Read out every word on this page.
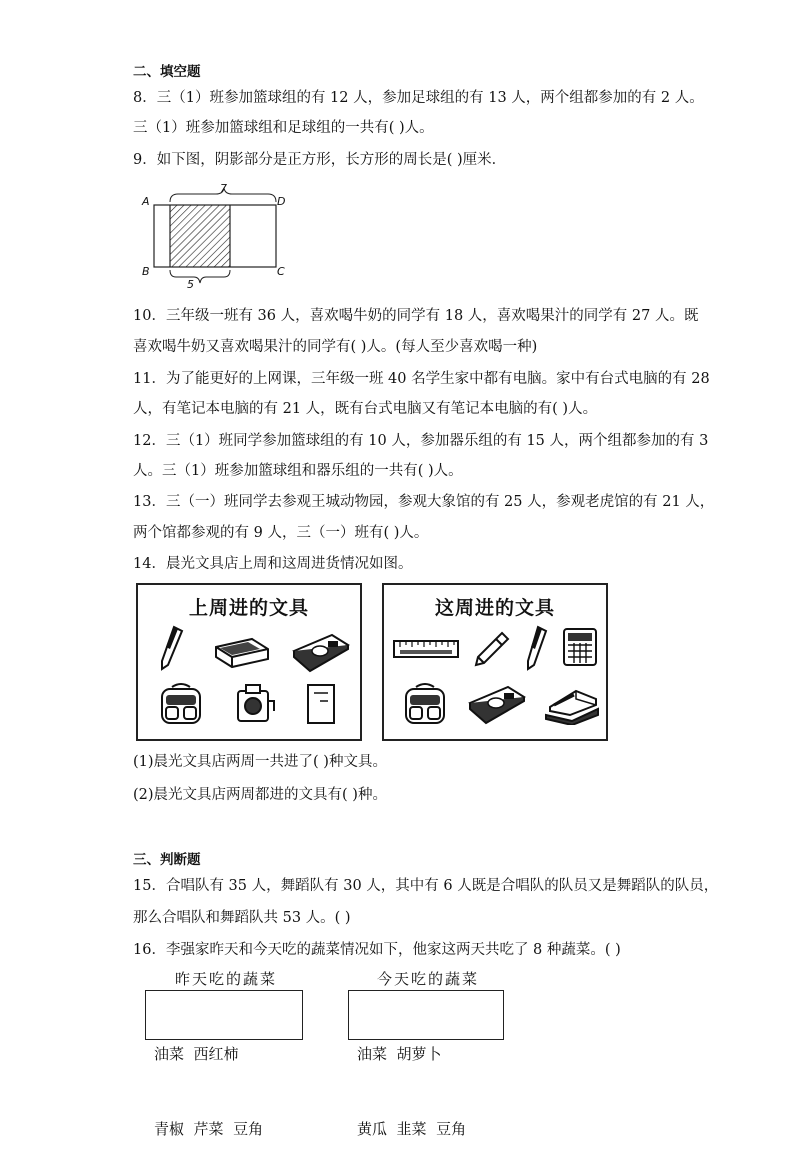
二、填空题
8．三（1）班参加篮球组的有 12 人，参加足球组的有 13 人，两个组都参加的有 2 人。
三（1）班参加篮球组和足球组的一共有( )人。
9．如下图，阴影部分是正方形，长方形的周长是( )厘米．
7
5
A	D
B	C
10．三年级一班有 36 人，喜欢喝牛奶的同学有 18 人，喜欢喝果汁的同学有 27 人。既
喜欢喝牛奶又喜欢喝果汁的同学有( )人。(每人至少喜欢喝一种)
11．为了能更好的上网课，三年级一班 40 名学生家中都有电脑。家中有台式电脑的有 28
人，有笔记本电脑的有 21 人，既有台式电脑又有笔记本电脑的有( )人。
12．三（1）班同学参加篮球组的有 10 人，参加器乐组的有 15 人，两个组都参加的有 3
人。三（1）班参加篮球组和器乐组的一共有( )人。
13．三（一）班同学去参观王城动物园，参观大象馆的有 25 人，参观老虎馆的有 21 人，
两个馆都参观的有 9 人，三（一）班有( )人。
14．晨光文具店上周和这周进货情况如图。
上周进的文具	这周进的文具
(1)晨光文具店两周一共进了( )种文具。
(2)晨光文具店两周都进的文具有( )种。
三、判断题
15．合唱队有 35 人，舞蹈队有 30 人，其中有 6 人既是合唱队的队员又是舞蹈队的队员，
那么合唱队和舞蹈队共 53 人。( )
16．李强家昨天和今天吃的蔬菜情况如下，他家这两天共吃了 8 种蔬菜。( )
昨天吃的蔬菜

油菜  西红柿

青椒  芹菜  豆角

今天吃的蔬菜

油菜  胡萝卜

黄瓜  韭菜  豆角
